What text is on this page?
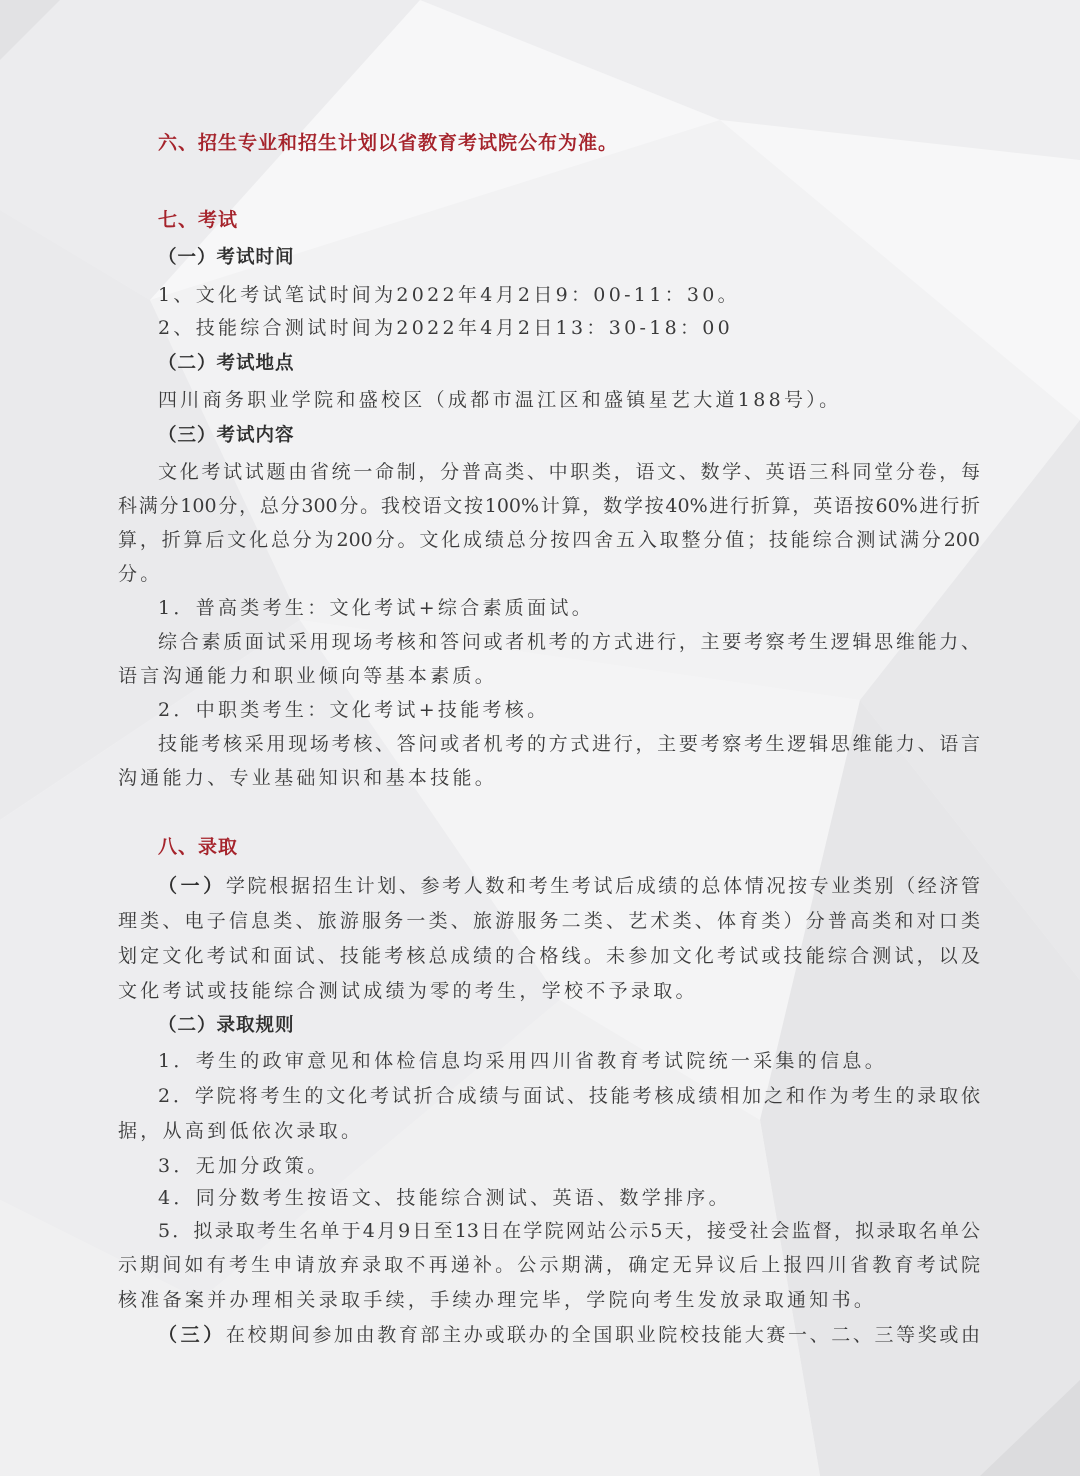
六、招生专业和招生计划以省教育考试院公布为准。
七、考试
（一）考试时间
1、文化考试笔试时间为2022年4月2日9：00-11：30。
2、技能综合测试时间为2022年4月2日13：30-18：00
（二）考试地点
四川商务职业学院和盛校区（成都市温江区和盛镇星艺大道188号）。
（三）考试内容
文化考试试题由省统一命制，分普高类、中职类，语文、数学、英语三科同堂分卷，每
科满分100分，总分300分。我校语文按100%计算，数学按40%进行折算，英语按60%进行折
算，折算后文化总分为200分。文化成绩总分按四舍五入取整分值；技能综合测试满分200
分。
1．普高类考生：文化考试+综合素质面试。
综合素质面试采用现场考核和答问或者机考的方式进行，主要考察考生逻辑思维能力、
语言沟通能力和职业倾向等基本素质。
2．中职类考生：文化考试+技能考核。
技能考核采用现场考核、答问或者机考的方式进行，主要考察考生逻辑思维能力、语言
沟通能力、专业基础知识和基本技能。
八、录取
（一）学院根据招生计划、参考人数和考生考试后成绩的总体情况按专业类别（经济管
理类、电子信息类、旅游服务一类、旅游服务二类、艺术类、体育类）分普高类和对口类
划定文化考试和面试、技能考核总成绩的合格线。未参加文化考试或技能综合测试，以及
文化考试或技能综合测试成绩为零的考生，学校不予录取。
（二）录取规则
1．考生的政审意见和体检信息均采用四川省教育考试院统一采集的信息。
2．学院将考生的文化考试折合成绩与面试、技能考核成绩相加之和作为考生的录取依
据，从高到低依次录取。
3．无加分政策。
4．同分数考生按语文、技能综合测试、英语、数学排序。
5．拟录取考生名单于4月9日至13日在学院网站公示5天，接受社会监督，拟录取名单公
示期间如有考生申请放弃录取不再递补。公示期满，确定无异议后上报四川省教育考试院
核准备案并办理相关录取手续，手续办理完毕，学院向考生发放录取通知书。
（三）在校期间参加由教育部主办或联办的全国职业院校技能大赛一、二、三等奖或由
